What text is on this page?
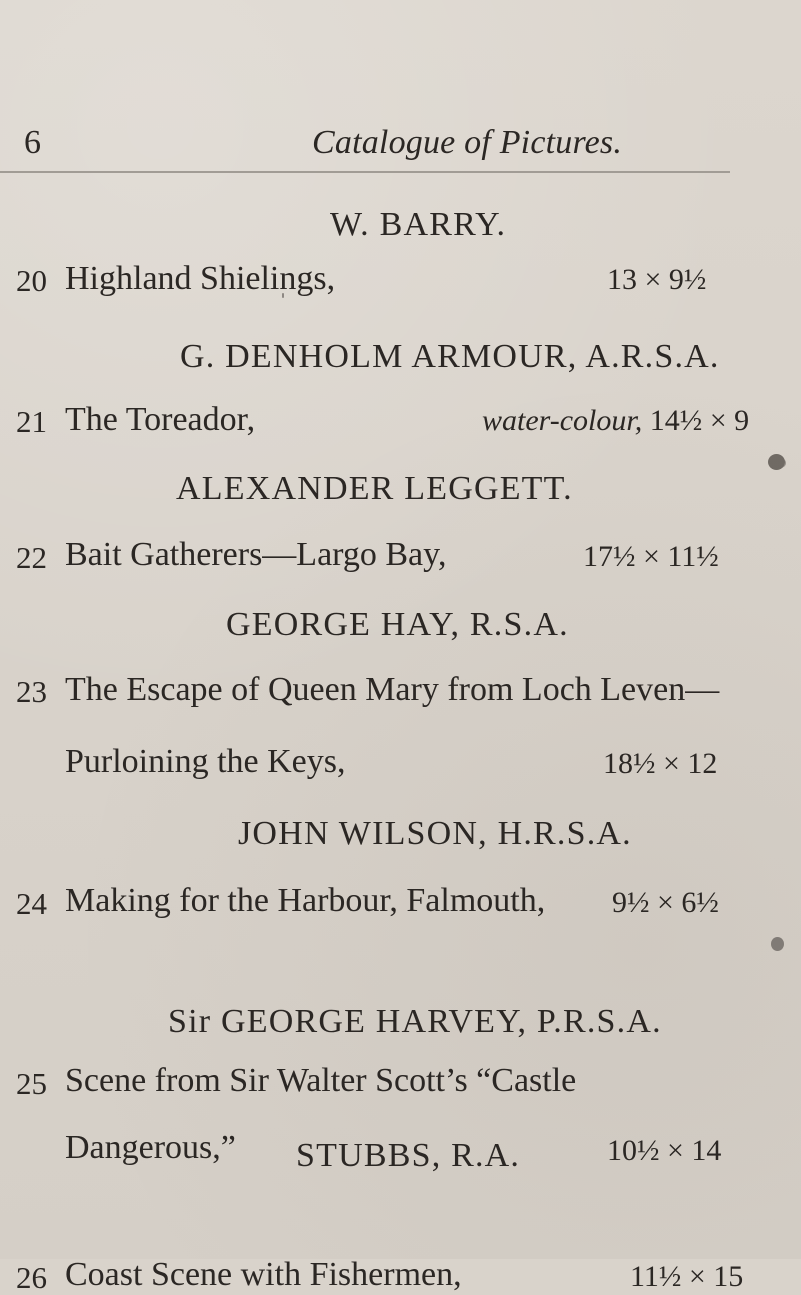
6	Catalogue of Pictures.
W. BARRY.
20 Highland Shielings,	13 × 9½
G. DENHOLM ARMOUR, A.R.S.A.
21 The Toreador,	water-colour, 14½ × 9
ALEXANDER LEGGETT.
22 Bait Gatherers—Largo Bay,	17½ × 11½
GEORGE HAY, R.S.A.
23 The Escape of Queen Mary from Loch Leven—
Purloining the Keys,	18½ × 12
JOHN WILSON, H.R.S.A.
24 Making for the Harbour, Falmouth, 9½ × 6½
Sir GEORGE HARVEY, P.R.S.A.
25 Scene from Sir Walter Scott’s “Castle
Dangerous,”	10½ × 14
STUBBS, R.A.
26 Coast Scene with Fishermen,	11½ × 15
